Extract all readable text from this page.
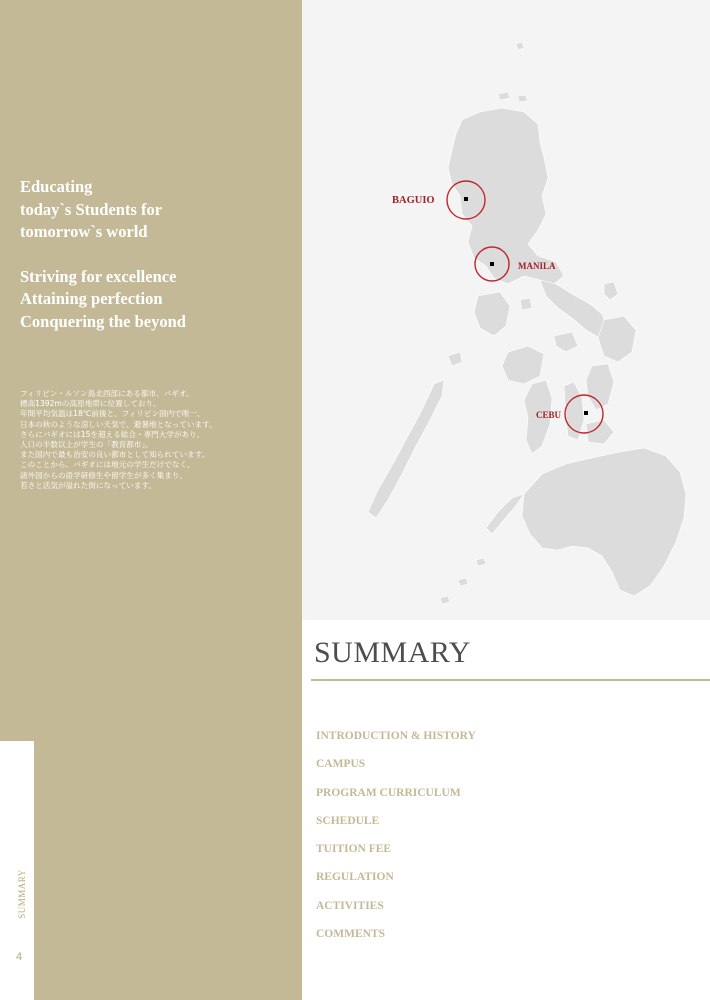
Educating
today`s Students for
tomorrow`s world
Striving for excellence
Attaining perfection
Conquering the beyond
フィリピン・ルソン島北西部にある都市、バギオ。
標高1392mの高原地帯に位置しており、
年間平均気温は18℃前後と、フィリピン国内で唯一、
日本の秋のような涼しい天気で、避暑地となっています。
さらにバギオには15を超える総合・専門大学があり、
人口の半数以上が学生の「教育都市」。
また国内で最も治安の良い都市として知られています。
このことから、バギオには地元の学生だけでなく、
諸外国からの語学研修生や留学生が多く集まり、
若さと活気が溢れた街になっています。
SUMMARY
4
BAGUIO
MANILA
CEBU
SUMMARY
INTRODUCTION & HISTORY
CAMPUS
PROGRAM CURRICULUM
SCHEDULE
TUITION FEE
REGULATION
ACTIVITIES
COMMENTS
